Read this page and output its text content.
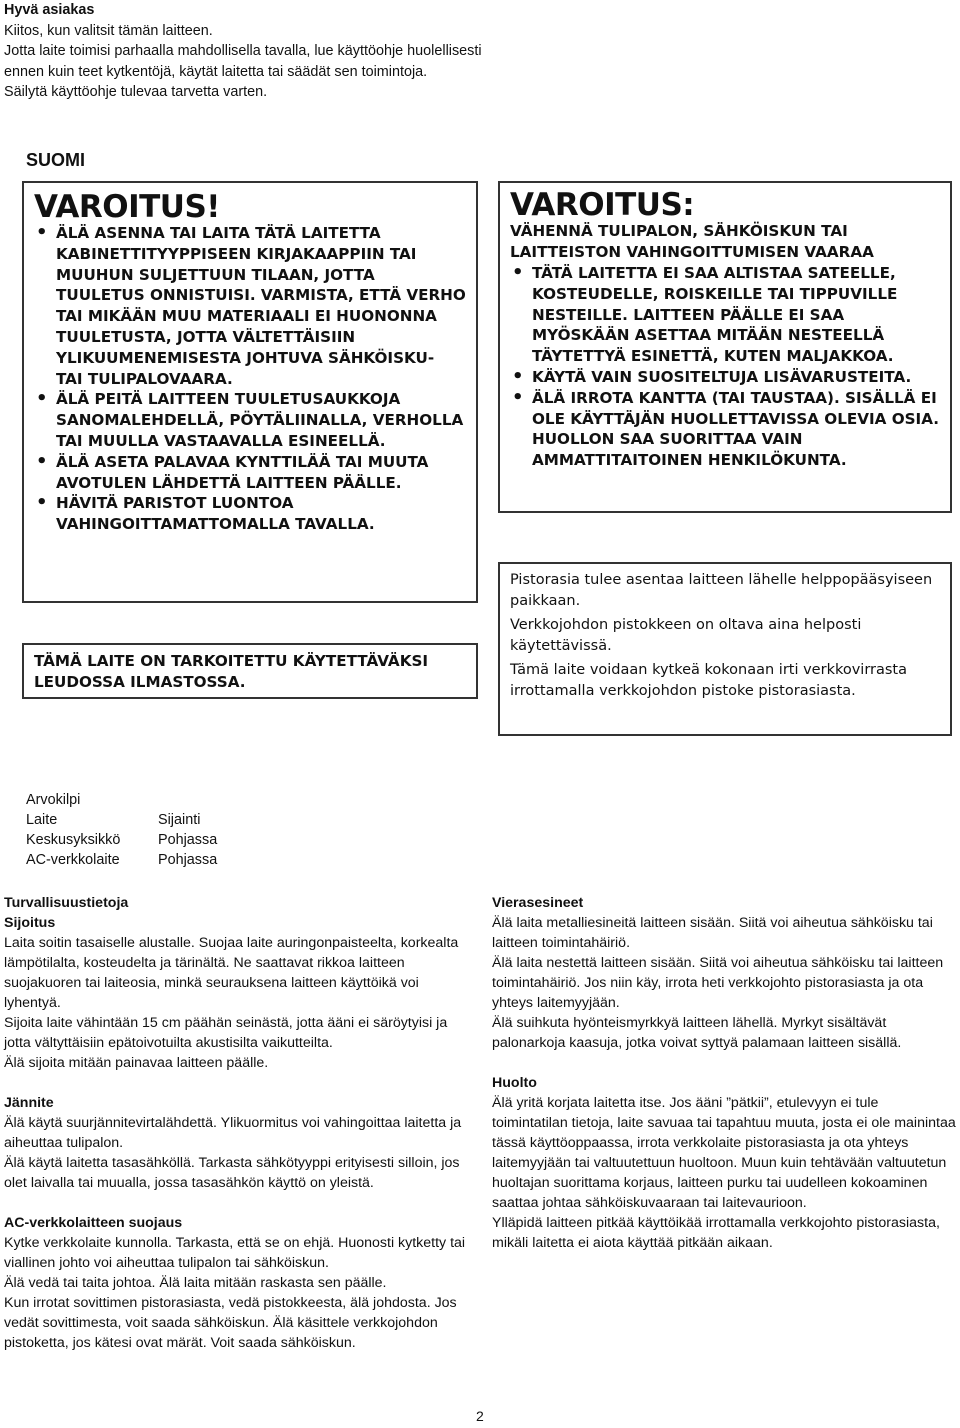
Hyvä asiakas
Kiitos, kun valitsit tämän laitteen.
Jotta laite toimisi parhaalla mahdollisella tavalla, lue käyttöohje huolellisesti
ennen kuin teet kytkentöjä, käytät laitetta tai säädät sen toimintoja.
Säilytä käyttöohje tulevaa tarvetta varten.
SUOMI
VAROITUS!
• ÄLÄ ASENNA TAI LAITA TÄTÄ LAITETTA KABINETTITYYPPISEEN KIRJAKAAPPIIN TAI MUUHUN SULJETTUUN TILAAN, JOTTA TUULETUS ONNISTUISI. VARMISTA, ETTÄ VERHO TAI MIKÄÄN MUU MATERIAALI EI HUONONNA TUULETUSTA, JOTTA VÄLTETTÄISIIN YLIKUUMENEMISESTA JOHTUVA SÄHKÖISKU- TAI TULIPALOVAARA.
• ÄLÄ PEITÄ LAITTEEN TUULETUSAUKKOJA SANOMALEHDELLÄ, PÖYTÄLIINALLA, VERHOLLA TAI MUULLA VASTAAVALLA ESINEELLÄ.
• ÄLÄ ASETA PALAVAA KYNTTILÄÄ TAI MUUTA AVOTULEN LÄHDETTÄ LAITTEEN PÄÄLLE.
• HÄVITÄ PARISTOT LUONTOA VAHINGOITTAMATTOMALLA TAVALLA.
VAROITUS:
VÄHENNÄ TULIPALON, SÄHKÖISKUN TAI LAITTEISTON VAHINGOITTUMISEN VAARAA
• TÄTÄ LAITETTA EI SAA ALTISTAA SATEELLE, KOSTEUDELLE, ROISKEILLE TAI TIPPUVILLE NESTEILLE. LAITTEEN PÄÄLLE EI SAA MYÖSKÄÄN ASETTAA MITÄÄN NESTEELLÄ TÄYTETTYÄ ESINETTÄ, KUTEN MALJAKKOA.
• KÄYTÄ VAIN SUOSITELTUJA LISÄVARUSTEITA.
• ÄLÄ IRROTA KANTTA (TAI TAUSTAA). SISÄLLÄ EI OLE KÄYTTÄJÄN HUOLLETTAVISSA OLEVIA OSIA. HUOLLON SAA SUORITTAA VAIN AMMATTITAITOINEN HENKILÖKUNTA.
TÄMÄ LAITE ON TARKOITETTU KÄYTETTÄVÄKSI LEUDOSSA ILMASTOSSA.

Pistorasia tulee asentaa laitteen lähelle helppopääsyiseen paikkaan.

Verkkojohdon pistokkeen on oltava aina helposti käytettävissä.

Tämä laite voidaan kytkeä kokonaan irti verkkovirrasta irrottamalla verkkojohdon pistoke pistorasiasta.

Arvokilpi
Laite	Sijainti
Keskusyksikkö	Pohjassa
AC-verkkolaite	Pohjassa
Turvallisuustietoja
Sijoitus

Laita soitin tasaiselle alustalle. Suojaa laite auringonpaisteelta, korkealta lämpötilalta, kosteudelta ja tärinältä. Ne saattavat rikkoa laitteen suojakuoren tai laiteosia, minkä seurauksena laitteen käyttöikä voi lyhentyä.

Sijoita laite vähintään 15 cm päähän seinästä, jotta ääni ei säröytyisi ja jotta vältyttäisiin epätoivotuilta akustisilta vaikutteilta.

Älä sijoita mitään painavaa laitteen päälle.

Jännite

Älä käytä suurjännitevirtalähdettä. Ylikuormitus voi vahingoittaa laitetta ja aiheuttaa tulipalon.

Älä käytä laitetta tasasähköllä. Tarkasta sähkötyyppi erityisesti silloin, jos olet laivalla tai muualla, jossa tasasähkön käyttö on yleistä.

AC-verkkolaitteen suojaus

Kytke verkkolaite kunnolla. Tarkasta, että se on ehjä. Huonosti kytketty tai viallinen johto voi aiheuttaa tulipalon tai sähköiskun.

Älä vedä tai taita johtoa. Älä laita mitään raskasta sen päälle.

Kun irrotat sovittimen pistorasiasta, vedä pistokkeesta, älä johdosta. Jos vedät sovittimesta, voit saada sähköiskun. Älä käsittele verkkojohdon pistoketta, jos kätesi ovat märät. Voit saada sähköiskun.

Vierasesineet

Älä laita metalliesineitä laitteen sisään. Siitä voi aiheutua sähköisku tai laitteen toimintahäiriö.

Älä laita nestettä laitteen sisään. Siitä voi aiheutua sähköisku tai laitteen toimintahäiriö. Jos niin käy, irrota heti verkkojohto pistorasiasta ja ota yhteys laitemyyjään.

Älä suihkuta hyönteismyrkkyä laitteen lähellä. Myrkyt sisältävät palonarkoja kaasuja, jotka voivat syttyä palamaan laitteen sisällä.

Huolto

Älä yritä korjata laitetta itse. Jos ääni ”pätkii”, etulevyyn ei tule toimintatilan tietoja, laite savuaa tai tapahtuu muuta, josta ei ole mainintaa tässä käyttöoppaassa, irrota verkkolaite pistorasiasta ja ota yhteys laitemyyjään tai valtuutettuun huoltoon. Muun kuin tehtävään valtuutetun huoltajan suorittama korjaus, laitteen purku tai uudelleen kokoaminen saattaa johtaa sähköiskuvaaraan tai laitevaurioon.

Ylläpidä laitteen pitkää käyttöikää irrottamalla verkkojohto pistorasiasta, mikäli laitetta ei aiota käyttää pitkään aikaan.

2
